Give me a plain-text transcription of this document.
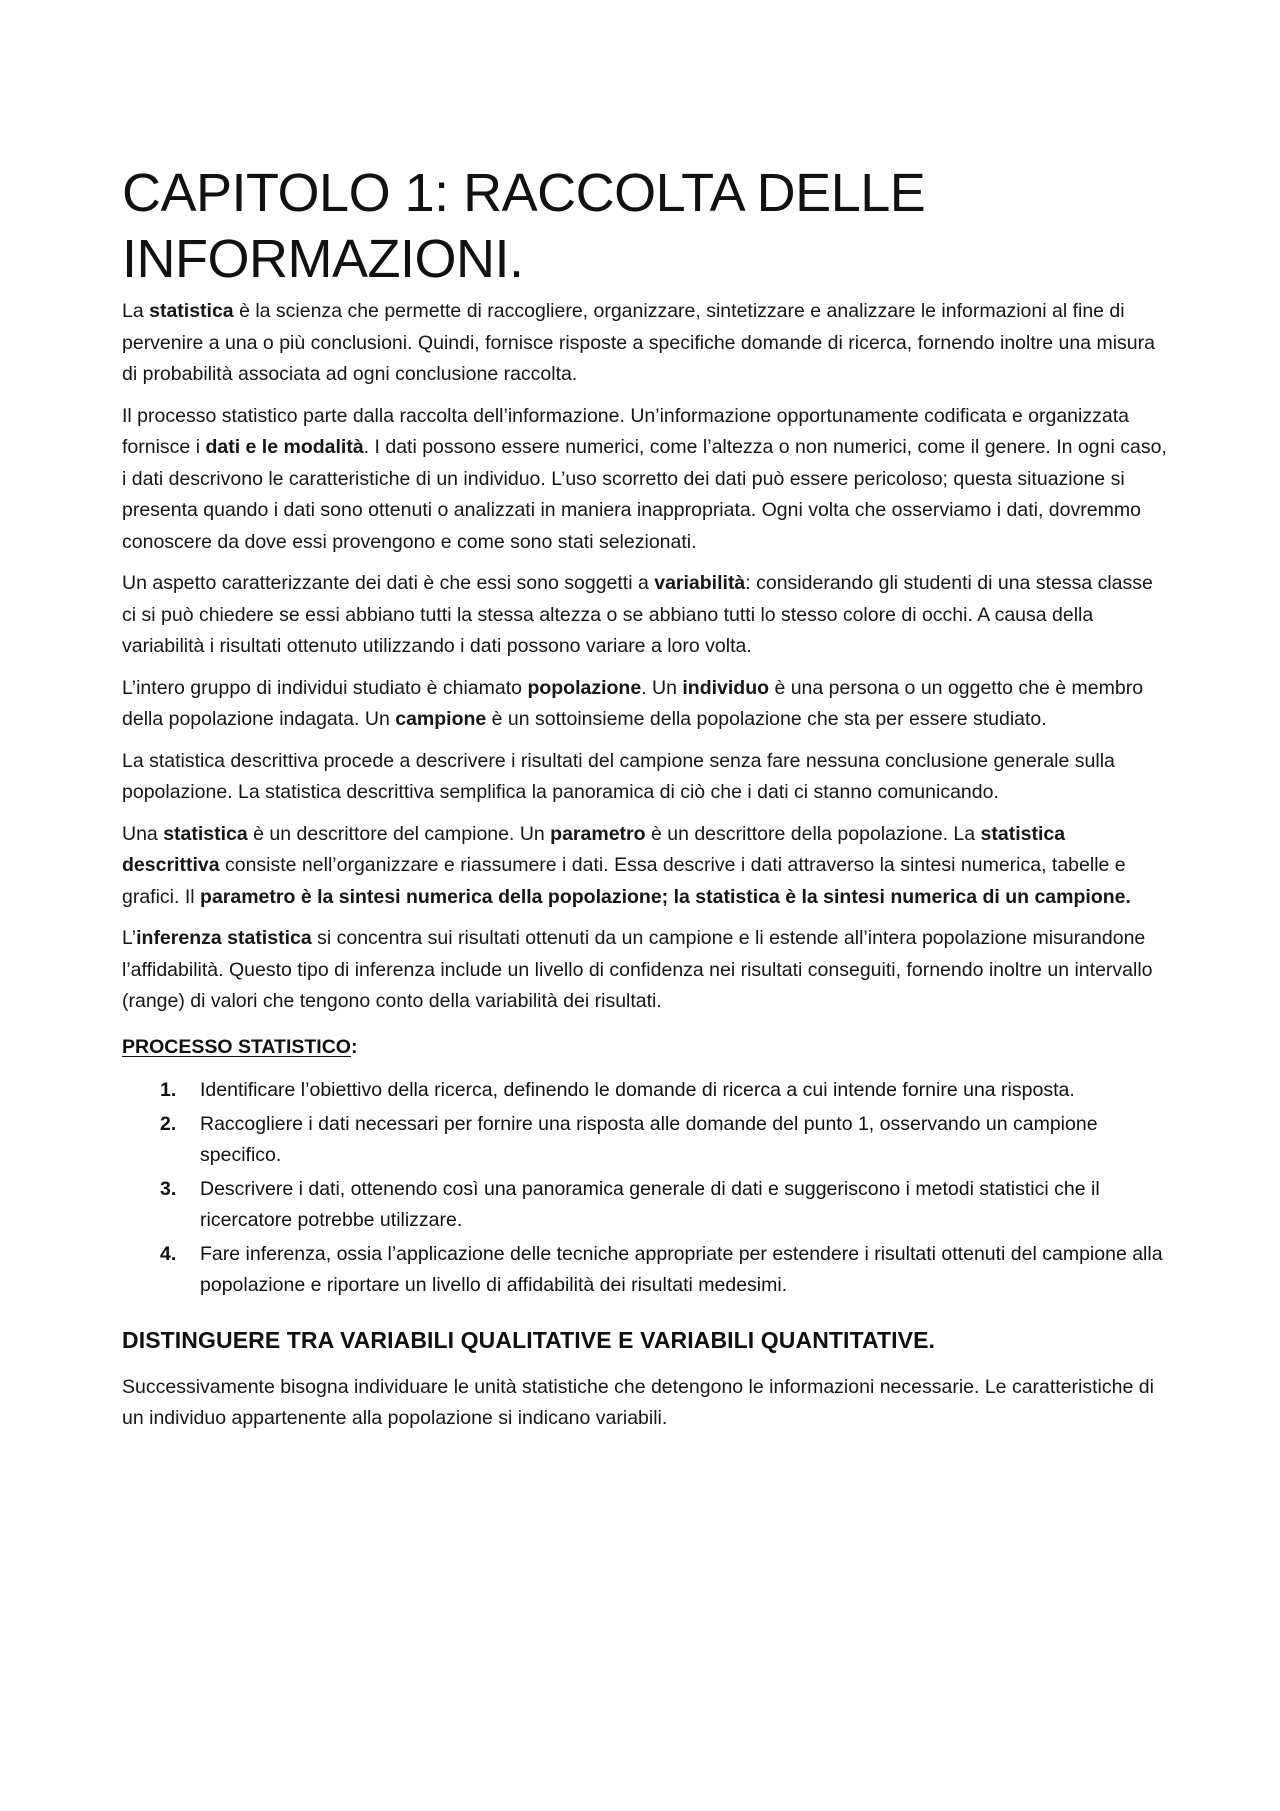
CAPITOLO 1: RACCOLTA DELLE
INFORMAZIONI.

La statistica è la scienza che permette di raccogliere, organizzare, sintetizzare e analizzare le informazioni al fine di pervenire a una o più conclusioni. Quindi, fornisce risposte a specifiche domande di ricerca, fornendo inoltre una misura di probabilità associata ad ogni conclusione raccolta.

Il processo statistico parte dalla raccolta dell’informazione. Un’informazione opportunamente codificata e organizzata fornisce i dati e le modalità. I dati possono essere numerici, come l’altezza o non numerici, come il genere. In ogni caso, i dati descrivono le caratteristiche di un individuo. L’uso scorretto dei dati può essere pericoloso; questa situazione si presenta quando i dati sono ottenuti o analizzati in maniera inappropriata. Ogni volta che osserviamo i dati, dovremmo conoscere da dove essi provengono e come sono stati selezionati.

Un aspetto caratterizzante dei dati è che essi sono soggetti a variabilità: considerando gli studenti di una stessa classe ci si può chiedere se essi abbiano tutti la stessa altezza o se abbiano tutti lo stesso colore di occhi. A causa della variabilità i risultati ottenuto utilizzando i dati possono variare a loro volta.

L’intero gruppo di individui studiato è chiamato popolazione. Un individuo è una persona o un oggetto che è membro della popolazione indagata. Un campione è un sottoinsieme della popolazione che sta per essere studiato.

La statistica descrittiva procede a descrivere i risultati del campione senza fare nessuna conclusione generale sulla popolazione. La statistica descrittiva semplifica la panoramica di ciò che i dati ci stanno comunicando.

Una statistica è un descrittore del campione. Un parametro è un descrittore della popolazione. La statistica descrittiva consiste nell’organizzare e riassumere i dati. Essa descrive i dati attraverso la sintesi numerica, tabelle e grafici. Il parametro è la sintesi numerica della popolazione; la statistica è la sintesi numerica di un campione.

L’inferenza statistica si concentra sui risultati ottenuti da un campione e li estende all’intera popolazione misurandone l’affidabilità. Questo tipo di inferenza include un livello di confidenza nei risultati conseguiti, fornendo inoltre un intervallo (range) di valori che tengono conto della variabilità dei risultati.

PROCESSO STATISTICO:
1.	Identificare l’obiettivo della ricerca, definendo le domande di ricerca a cui intende fornire una risposta.
2.	Raccogliere i dati necessari per fornire una risposta alle domande del punto 1, osservando un campione specifico.
3.	Descrivere i dati, ottenendo così una panoramica generale di dati e suggeriscono i metodi statistici che il ricercatore potrebbe utilizzare.
4.	Fare inferenza, ossia l’applicazione delle tecniche appropriate per estendere i risultati ottenuti del campione alla popolazione e riportare un livello di affidabilità dei risultati medesimi.
DISTINGUERE TRA VARIABILI QUALITATIVE E VARIABILI QUANTITATIVE.

Successivamente bisogna individuare le unità statistiche che detengono le informazioni necessarie. Le caratteristiche di un individuo appartenente alla popolazione si indicano variabili.
